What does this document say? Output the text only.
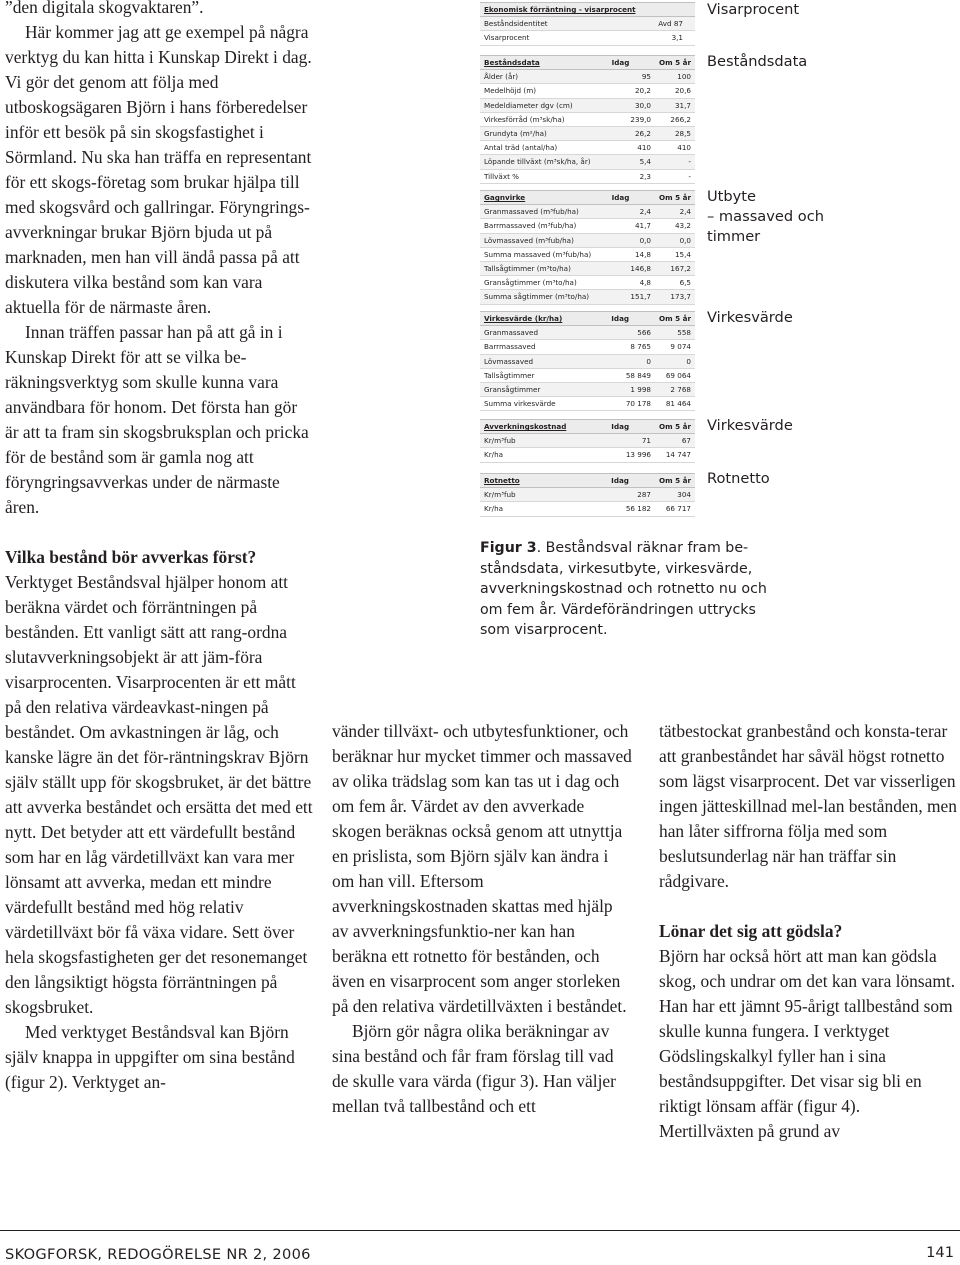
”den digitala skogvaktaren”.

Här kommer jag att ge exempel på några verktyg du kan hitta i Kunskap Direkt i dag. Vi gör det genom att följa med utboskogsägaren Björn i hans förberedelser inför ett besök på sin skogsfastighet i Sörmland. Nu ska han träffa en representant för ett skogs-företag som brukar hjälpa till med skogsvård och gallringar. Föryngrings-avverkningar brukar Björn bjuda ut på marknaden, men han vill ändå passa på att diskutera vilka bestånd som kan vara aktuella för de närmaste åren.

Innan träffen passar han på att gå in i Kunskap Direkt för att se vilka be-räkningsverktyg som skulle kunna vara användbara för honom. Det första han gör är att ta fram sin skogsbruksplan och pricka för de bestånd som är gamla nog att föryngringsavverkas under de närmaste åren.

Vilka bestånd bör avverkas först?

Verktyget Beståndsval hjälper honom att beräkna värdet och förräntningen på bestånden. Ett vanligt sätt att rang-ordna slutavverkningsobjekt är att jäm-föra visarprocenten. Visarprocenten är ett mått på den relativa värdeavkast-ningen på beståndet. Om avkastningen är låg, och kanske lägre än det för-räntningskrav Björn själv ställt upp för skogsbruket, är det bättre att avverka beståndet och ersätta det med ett nytt. Det betyder att ett värdefullt bestånd som har en låg värdetillväxt kan vara mer lönsamt att avverka, medan ett mindre värdefullt bestånd med hög relativ värdetillväxt bör få växa vidare. Sett över hela skogsfastigheten ger det resonemanget den långsiktigt högsta förräntningen på skogsbruket.

Med verktyget Beståndsval kan Björn själv knappa in uppgifter om sina bestånd (figur 2). Verktyget an-

vänder tillväxt- och utbytesfunktioner, och beräknar hur mycket timmer och massaved av olika trädslag som kan tas ut i dag och om fem år. Värdet av den avverkade skogen beräknas också genom att utnyttja en prislista, som Björn själv kan ändra i om han vill. Eftersom avverkningskostnaden skattas med hjälp av avverkningsfunktio-ner kan han beräkna ett rotnetto för bestånden, och även en visarprocent som anger storleken på den relativa värdetillväxten i beståndet.

Björn gör några olika beräkningar av sina bestånd och får fram förslag till vad de skulle vara värda (figur 3). Han väljer mellan två tallbestånd och ett

tätbestockat granbestånd och konsta-terar att granbeståndet har såväl högst rotnetto som lägst visarprocent. Det var visserligen ingen jätteskillnad mel-lan bestånden, men han låter siffrorna följa med som beslutsunderlag när han träffar sin rådgivare.

Lönar det sig att gödsla?

Björn har också hört att man kan gödsla skog, och undrar om det kan vara lönsamt. Han har ett jämnt 95-årigt tallbestånd som skulle kunna fungera. I verktyget Gödslingskalkyl fyller han i sina beståndsuppgifter. Det visar sig bli en riktigt lönsam affär (figur 4). Mertillväxten på grund av

Ekonomisk förräntning - visarprocent		
Beståndsidentitet	Avd 87	
Visarprocent	3,1	
Beståndsdata	Idag	Om 5 år
Ålder (år)	95	100
Medelhöjd (m)	20,2	20,6
Medeldiameter dgv (cm)	30,0	31,7
Virkesförråd (m³sk/ha)	239,0	266,2
Grundyta (m²/ha)	26,2	28,5
Antal träd (antal/ha)	410	410
Löpande tillväxt (m³sk/ha, år)	5,4	-
Tillväxt %	2,3	-
Gagnvirke	Idag	Om 5 år
Granmassaved (m³fub/ha)	2,4	2,4
Barrmassaved (m³fub/ha)	41,7	43,2
Lövmassaved (m³fub/ha)	0,0	0,0
Summa massaved (m³fub/ha)	14,8	15,4
Tallsågtimmer (m³to/ha)	146,8	167,2
Gransågtimmer (m³to/ha)	4,8	6,5
Summa sågtimmer (m³to/ha)	151,7	173,7
Virkesvärde (kr/ha)	Idag	Om 5 år
Granmassaved	566	558
Barrmassaved	8 765	9 074
Lövmassaved	0	0
Tallsågtimmer	58 849	69 064
Gransågtimmer	1 998	2 768
Summa virkesvärde	70 178	81 464
Avverkningskostnad	Idag	Om 5 år
Kr/m³fub	71	67
Kr/ha	13 996	14 747
Rotnetto	Idag	Om 5 år
Kr/m³fub	287	304
Kr/ha	56 182	66 717
Visarprocent
Beståndsdata
Utbyte
– massaved och
timmer
Virkesvärde
Virkesvärde
Rotnetto
Figur 3. Beståndsval räknar fram be-ståndsdata, virkesutbyte, virkesvärde, avverkningskostnad och rotnetto nu och om fem år. Värdeförändringen uttrycks som visarprocent.
SKOGFORSK, REDOGÖRELSE NR 2, 2006	141
